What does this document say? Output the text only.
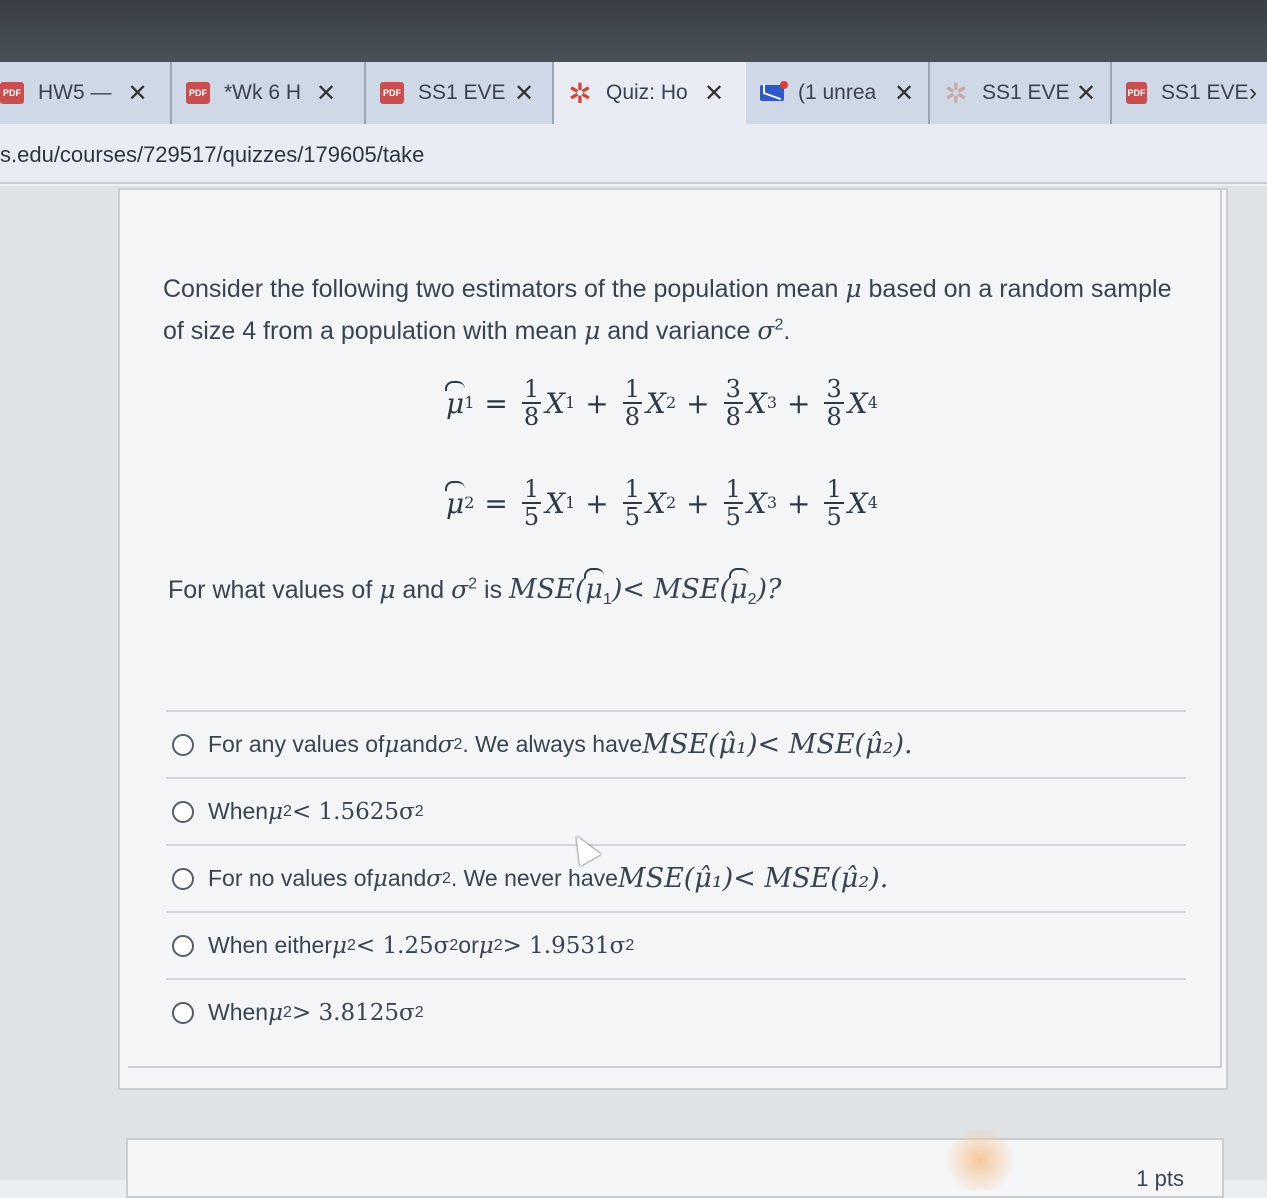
PDF
HW5 — ✕ PDF	*Wk 6 H ✕ PDF	SS1 EVE ✕ ✲ Quiz: Ho ✕	(1 unrea ✕ ✲ SS1 EVE ✕ PDF	SS1 EVE ›
s.edu/courses/729517/quizzes/179605/take
Consider the following two estimators of the population mean μ based on a random sample of size 4 from a population with mean μ and variance $\sigma^2$.
μ $1 = \frac{1}{8}$ X $1 + \frac{1}{8}$ X $2 + \frac{3}{8}$ X $3 + \frac{3}{8}$ X 4
μ $2 = \frac{1}{5}$ X $1 + \frac{1}{5}$ X $2 + \frac{1}{5}$ X $3 + \frac{1}{5}$ X 4
For what values of μ and $\sigma^2$ is $MSE(\mu_1)< MSE(\mu_2)$?
For any values of μ and σ 2 . We always have MSE(μ̂₁)< MSE(μ̂₂).
When μ 2 < 1.5625σ 2
For no values of μ and σ 2 . We never have MSE(μ̂₁)< MSE(μ̂₂).
When either μ 2 < 1.25σ 2 or μ 2 > 1.9531σ 2
When μ 2 > 3.8125σ 2
1 pts
